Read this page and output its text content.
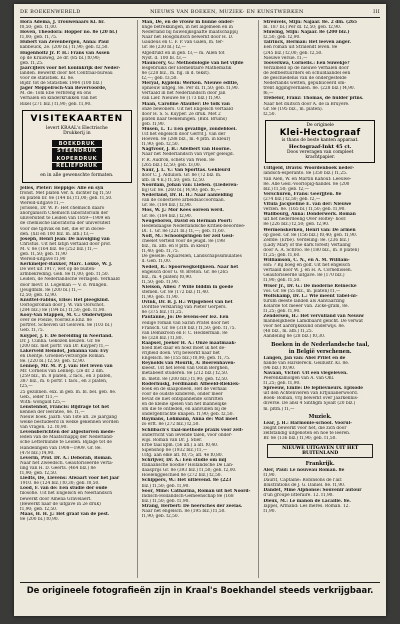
DE BOEKENWERELD	NIEUWS VAN BOEKEN, MUZIEK- EN KUNSTWERKEN	III
Hora Adema, J. Trouwenaars Kl. br.
f0,50; geb. f1,00.
Hoven, Theodora: Hopper no. 8e (20 bl.)
f1,00; geb. f1,75.
Hubert van Zevenbergen, Anna: Paul
kabbeuck, 2e. (200 bl.) f1,90; geb. f2,50.
Hugenholtz Jr. P. H.: Frans van Assen
op de Kruisweg, 2e dr. (85 bl.) f0,90;
geb. f1,25.
Jaarcijfers voor het koninkrijk der Neder-
landen. Bewerkt door het Centraal-bureau
voor de statistiek. Kl. 8e.
Bijdr. tot de Statistiek 1904 (100 blz.)
Jager Meppelroch-Van Bevervoorde,
M. de: Tom Ebe verbreng en ons
Verhalen en kinderkrukken van het
Rixel (271 blz.) f1,90; geb. f1,90.
VISITEKAARTEN
levert KRAAL's Electrische
Drukkerij in
BOEKDRUK
STEENDRUK
KOPERDRUK
RELIEFDRUK
en in alle gewenschte formaten.
Jelles, Pieter: Heppige: Alle en syn
fronst. Met platen Ver. h. dichter bij f1,50
en platen br. 8e (144 bl.) f1,00; geb. f1,50.
Wereld-uitgave f1,—
Jorissen, Dr. W. P.: Het chemisch daaro
anorganisch Chemisch laboratorium der
universiteit te Leiden van 1859—1909 en
de chemische laboratoria der universiteit
voor die tijdvak en het, die er in docee-
den. (XII en 100 blz. m. afb.) f3,—
Joseph, Henri Jean: De navolging van
Christus. Uit het latijn vertaald door prof.
M. v. 8e (164 blz. 8e (252 blz.) f1,—
geb. f1,50; geb. f1,90
Wereld-uitgave f1,90
Kerkmeijer-Bakker, Marc. Lokke, W. J.
De wet uit 1917, wet op de buiten-
armbekreding. Geb. 8e f1,00; geb. f1,50.
Leiden, de Nederlandsche verlagen. Verhaald
door mevr. D. Logeman — V. d. Willigen.
(Jeugdbibl. 8e (200 bl.) f1,—
f2,50; geb. f2,90.
Knuttel-Fabius, Elise: Het pleegkind.
Oorlogsroman door J. W. van Oorschot.
(284 blz.) 8e (194 bl.) f1,50; geb. f1,90.
Kooy-Van Stappen, M. C.: Onderwijzen
over de Poëzie, Voorlez.e.Enz. 8e
portret. Scheiven uit Geloven. 8e (103 bl.)
Geb. f1,75.
Kuyper, J. F. De bereiding in Neerland.
Dr. J. Cunha. Gekozen keuzen. Gr. 8e
(200 blz. met portr. van Dr. Kuyper) f1,—
Lakerveld Hemdot, Johanna van: Evy
en Dientje. Groenen-verzorgde Roman.
8e. (220 bl.) f2,50; geb. f2,90.
Lennep, Mr. M. P. J. van: Het leven van
Mr. Cornelis van Lennep. (2e dr. 2 dln.
(259 blz., m. 8 platen, 2 facs., en 3 platen,
387 blz., m. 6 portr. 1 facs., en 3 platen,
f25,—
25 gezinnen. exx. in geb. m. bl. bel. geb. 8e.
Geb., ieder f11,—
With: wongald f25,—
Lenstenhof, Francis: Bijdrage tot het
kennen der leeratee, 8e. f1,—
Nieuw boek. Jaarb. van 1ste afl. 2e jaargang
welke bestudeerd in welke gekennen worden
van vragen. 12. f0,90.
Levensberichten der afgestorven mede-
leden van de Maatschappij der Nederland-
sche Letterkunde te Leiden. Bijlage tot de
Handelingen van 1908—1909. Gr. 8e.
(478 blz.) f4,90.
Leverin, Prof. Dr. A.: Deborah, Roman.
Naar het Zweedsch. Geautoriseerde verta-
ling van H. D. Geerts. (464 blz.) 8e
f1,90; geb. f2,50.
Liedts, De, Lievens: Alwaart voor het jaar
1910. 8e (124 blz.) f0,30; geb. f0,50.
Lood, F. van de: Een studie der oude
filosofie. Uit het Engelsch en Neerlandsch
bewerkt door Amelia Gravelaert.
(Bewerkt naar de uitgave in 2e druk)
f1,90; geb. f2,50.
Maas, H. H. J.: Het graaf van de pest.
8e (200 bl.) f0,90.
Man, De, en de vrouw in hunne onder-
linge betrekkingen, in het algemeen en in
Nederland bij huwelijksgaafte maatschappij
Naar het Hoogduitsch bewerkt door H. D.
Gaudeus en C. F. P. van Galen, m. ter-
Gr. 8e (230 bl.) f2,—
Afgedrukt en in geb. f3,— m. Allen tot
Nyst. d. 100 bl. f3,—
Mauncery, G.: Methodologie van het vijfde
lesgebruiks der Elementaire Mathematik
8e (228 blz., m. fig. in d. tekst).
f2,—; geb. f3,50.
Meryal, Kyplein: Werken. Nieuwe editie,
opnieuw uitgeg. 8e. Per dl. f1,50; geb. f1,90.
Vertaald in het Nederlandsch door Jan
van Lier. Nieuwe 8e (173 blz.) f1,90.
Maan, Caroline Ataulier: De tolk van
onze bewoners. Uit het Engelsch vertaald
door H. S. S. Kuyper. 2e druk. Met 2
platen naar teekeningen. (Bibl. Bruins)
geb. f1,90.
Musen, L. T.: Een gevallige, zondebloei.
Uit het engelsch door Gerrit J. van der
Hoeven. 8e (288 blz., m. 4 pltn. in kleur)
f1,90; geb. f2,50.
Nagtvoor, J. B.: Adelbert van Hoorne.
Naar het Nederlandsch van vrijer geleigd.
P. R. Audron, schets van Wien. 8e
(265 blz.) f2,50; geb. f3,00.
Naur, J. L. V.: Van Sporttas. Gekleurd
door C. J. Aldulion. Gr. 8e (72 blz. m.
afb. in 4 k.) f1,50; geb. f2,50.
Noordam, Johan van: Lieben. (Liederen-
bij) Gr. 8e. (260 bl.) f4,90; geb. f6,—
Nederland, Dr. H. H.: Naar aanleiding
van de collectieve arbeidsaccoordaan.
Gr. 8e. (184 blz.) f2,90.
Mos, W. J.: Mor Kees ooreen werd.
Gr. 8e. (184 blz.) f2,90.
Neugeboren, David en Herman Poort:
Hedendaagse Nederlandsche Kritiek-beoordee-
Dl. 1. Gr. 8e (221 bl.) f1,—; geb. f1,60.
Nolt, M.: Schoolspringen ter zeil Gesl-
cheelet verteld voor de jeugd. 8e (198
blz., m. afb. en 8 pltn. in kleur)
f1,40; geb. f1,75.
De geselle: Aquarellen, Landschapssimulaties
d. Geb. f1,00.
Nedell, R.: Spoorwegkelijkeen. Naar het
engelsch door G. W. Breton. Gr. 8e (265
blz., m. 4 platen) f0,90.
f1,50; geb. f1,90.
Nielson, Alles: ? Wille biddin in goede
stemen. Gr. 8e (172 blz.) f1,40.
f1,90; geb. f1,90.
Ovink, Dr. B. J. H.: Wijsgebeel van het
Dordtse verklaring van Pieter Gerpers.
8e (375 blz.) f1,25.
Pautanne, Jo: De levens-eer lez. Een
veilige roman van Sarah Pratel door het
Fransch. Gr. 8e (318 blz.) f1,50; geb. f1,75.
van Demikroon en F. C. Hedderman. 8e
8e (328 blz.) f1,80.
Raapsel, Joeker H. A.: Onze maatmaak-
hoed met daar en hoez moet ik het de-
vrijheid doen. Vrij bewerkt naar het
Engelsch. 8e (155 blz.) f0,90; geb. f1,75.
Reynolds van Mourik, A: Boerenhaven-
kleest. Uit het leven van Oolin Berghen,
metabeelt studeren. 8e (212 blz.) f2,50.
m. metd. 8e (200 blz.) f1,90; geb. f2,50.
Roderhuskj, Ferdinand: Afbeeld-Riekiek-
boek en de slaaponeen, Het de verhaal
voor de oudste kinderen, onder meer
bevat de niet ontspannende schriften
en de kleine spelen van het mannelijke
om die te ontleden, en aanvullen bij de
ondergebrachte knapen. f1,90; geb. f2,50.
Baymans, Lohmann, Anna de: Wat moet
zo erft. 8e (272 blz.) f2,50.
Schilbach's Taal-methode praxis voor zelf-
onderricht van levende talen, voor onder-
wijs. Roman van Dr. J. Stier.
Erbe taal kpm. (56 afl.) à afl. f0,40.
Sipenshop 8e (1932 blz.) f1,—
Uitg. aan elke afl. f0,75; afl. 4e f0,80.
Schrijver, Dr. A.: Een studie om mij
Italiaansche noodie? Hollandsche De Lan-
daasprijs Gr. 8e (393 blz.) f1,50; geb. f2,00.
Hoelenggeschied 8e (272 blz.) f2,50.
Schippers, W.: Het uitlevend. 8e (223
blz.) f1,50; geb. f1,90.
Soor, Mine: Catharina, Roman uit het Noord-
Indisch-Hollandsch-Gemeenschap 8e (168
blz.) f1,50; geb. f1,90.
Strang, Herbert: De heersches der zeelas.
Naar het engelsch. 8e (195 blz.) f1,50.
f1,90; geb. f2,50.
Streuvels, Stijn: Najaar. 8e. 2 dln. (265
bl. 187 bl.) Per dl. f2,50; geb. f2,90.
Stuwing, Stijn: Najaar. 8e (200 blz.)
f2,50; geb. f2,90.
Talrinck, Herman: Het leeven anger.
Een roman uit Stralendt leven. 8e
(245 blz.) f2,00; geb. f2,50.
Nieuwe versie. f1,—
Tooverkwa, Cornelis.: Een Suwekje?
Verzameld op de nieuwe Verhalen door
de zelfbestuurders en schuldaandel een
de geschiedenis van de ondergestelde
Nederlands wetten, gepubliceerd om-
trent liggingverhalen. 8e. (228 blz.) f4,90.
f6,—
Trebelor, Franz: Thomas, de hulder prins.
Naar het duitsch door A. de la Bruyère.
Gr. 8e (195 blz., m. platen).
f2,50.
De originele
Klei-Hectograaf
is thans de beste kanten apparaat.
Hectograaf-Inkt 45 ct.
Doos vereragen van compleet
krachtpapier.
Uiltgeld, Dravis: Woordenboek neder-
landsch-esperanto. 8e (350 blz.) f1,25.
Van Alen, W. en Martin Kahouf: Leeuwe-
8e. Alle Gesl.-Voorlopig-handel. 8e (200
blz.) f1,50; geb. f2,—
Verschuren, Frans: Geerjjten. 8e
(274 blz.) f2,50; geb. f2,—
Vitula Jacqueline E. van der: Nieuwe
verzen. 8e. (165 bl.) f1,50; geb. f1,90.
Wallbourg, Anna: Donderwerk. Roman
uit het nederdeelig Over Holtey- hoor.
8e (226 blz.) f2,50; geb. f2,90.
Wermenskerken, Henri van: De armen
op goed. Gr. 8e (156 blz.) f0,40; geb. f1,90.
Zelfde: (Erbe). Verdeling: 8e. (236 blz.)
(Lady Mary of the dark forest) Vertaling
door A. A. Schroo. 8e (180 blz., m. 8 platen)
f1,25; geb. f1,60.
Williamson, C. N., en A. M. William-
son: ? Bij boeg en golf. Uit het engelsch
vertaald door W. J. en H. A. Cornellissen.
Geautoriseerde uitgave. 8e (170 blz.)
f1,90; geb. f1,50.
Wiser Jr., Dr. G.: De moderne Reinecke
vos. Gr. 8e (55 blz., m. platen) f1,—
Wolfskamp, Dr. L.: Wie meent Tabel-ni-
turum deeste landen als Aanvaarzing
Kolarde tot meeer van. Zicke-gram, 8e.
f1,25; geb. f1,90.
Zendersen, H.: Het vervulland van Neuuw
mannelijkhede Lamdbaard gelicht. De verwat
voor het aardrijkskund onderwijs. 8e.
(48 blz., m. afb.) f1,25.
Aandeling 8e (28 blz.) f0,30.
Boeken in de Nederlandsche taal,
in België verschenen.
Langen, Jan van: Abel Prilet en de
hande van Harslereck. Geïllustr. Kl. 8e.
(96 blz.) f0,90.
Navaan, Victor: Uit een vlegeleven.
Peerenkamolgen van A. van Ohl.
f1,25; geb. f1,90.
Spreeuw, Emile: De leplievneurs. Episode
uit den Achtenvieren van Erfjulianerwoord.
Boek- Roman, vrij bewerkt over Jaarkennis-
diverse. De ansl 4 Sinthgm Sjoalt (20 blz.)
m. pltm.) f1,—
Muziek.
Lear, J. H.: Harmonie-school. Voorul-
zeight bewerkt voor het, die zich door
zelfstandig uitgenoten en hoe te leeren.
Br. 8e (136 blz.) f1,90; geb. f1,50.
NIEUWE UITGAVEN UIT HET BUITENLAND
Frankrijk.
Aler, Paul: Le nouveau Roman. 8e
f1,90.
Daurit, Captaine: Robinsons de l'air.
Illustrations de J. G. Daniel. 8e. f1,90.
Dandet, Mme Alphonse: Souvenir autour
d'un groupe littéraire. 12. f1,90.
Dieux, M.: Le manon de Lacaille. 8e.
Iappel, Armand: Les mères. Roman. 12.
f1,90.
De origineele fotografieën zijn in Kraal's Boekhandel steeds verkrijgbaar.
